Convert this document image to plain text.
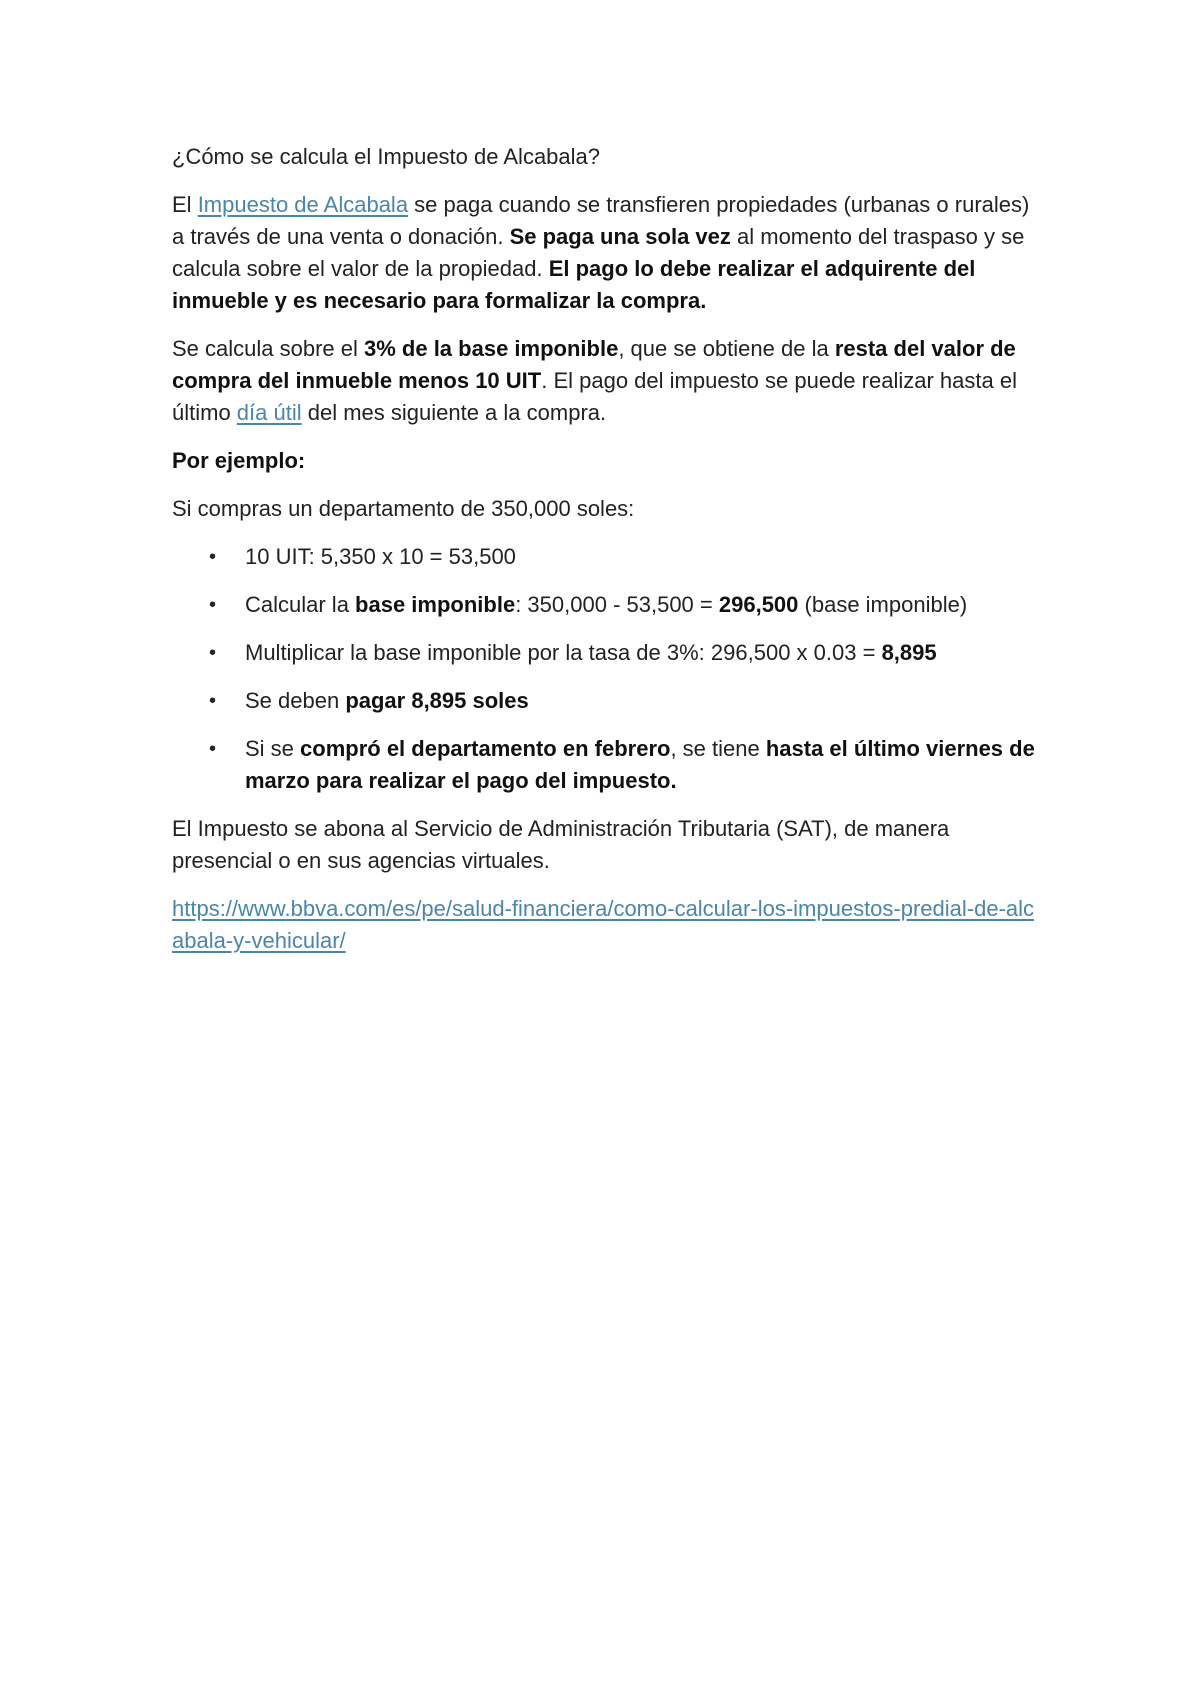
¿Cómo se calcula el Impuesto de Alcabala?

El Impuesto de Alcabala se paga cuando se transfieren propiedades (urbanas o rurales) a través de una venta o donación. Se paga una sola vez al momento del traspaso y se calcula sobre el valor de la propiedad. El pago lo debe realizar el adquirente del inmueble y es necesario para formalizar la compra.

Se calcula sobre el 3% de la base imponible, que se obtiene de la resta del valor de compra del inmueble menos 10 UIT. El pago del impuesto se puede realizar hasta el último día útil del mes siguiente a la compra.

Por ejemplo:

Si compras un departamento de 350,000 soles:

• 10 UIT: 5,350 x 10 = 53,500
• Calcular la base imponible: 350,000 - 53,500 = 296,500 (base imponible)
• Multiplicar la base imponible por la tasa de 3%: 296,500 x 0.03 = 8,895
• Se deben pagar 8,895 soles
• Si se compró el departamento en febrero, se tiene hasta el último viernes de marzo para realizar el pago del impuesto.

El Impuesto se abona al Servicio de Administración Tributaria (SAT), de manera presencial o en sus agencias virtuales.

https://www.bbva.com/es/pe/salud-financiera/como-calcular-los-impuestos-predial-de-alcabala-y-vehicular/
